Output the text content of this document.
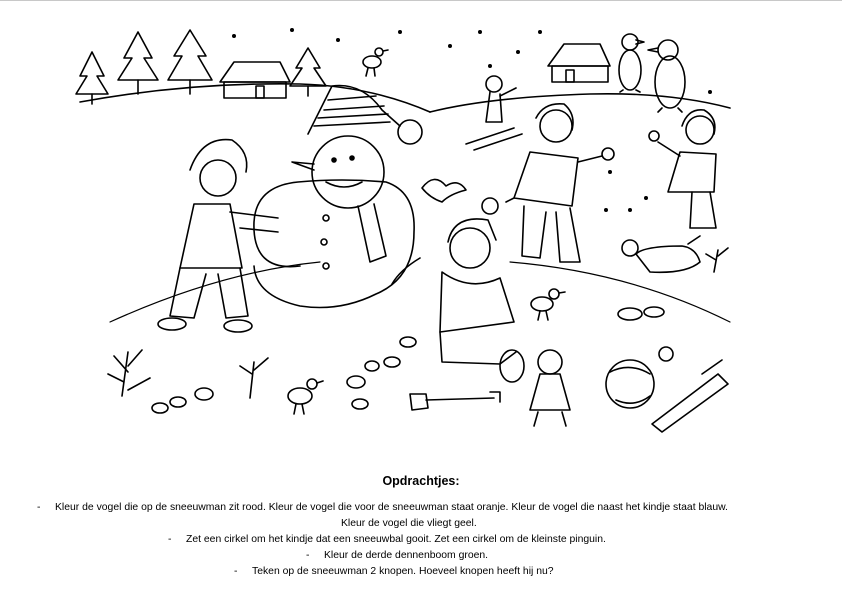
Opdrachtjes:
- Kleur de vogel die op de sneeuwman zit rood. Kleur de vogel die voor de sneeuwman staat oranje. Kleur de vogel die naast het kindje staat blauw.
Kleur de vogel die vliegt geel.
- Zet een cirkel om het kindje dat een sneeuwbal gooit. Zet een cirkel om de kleinste pinguin.
- Kleur de derde dennenboom groen.
- Teken op de sneeuwman 2 knopen. Hoeveel knopen heeft hij nu?
